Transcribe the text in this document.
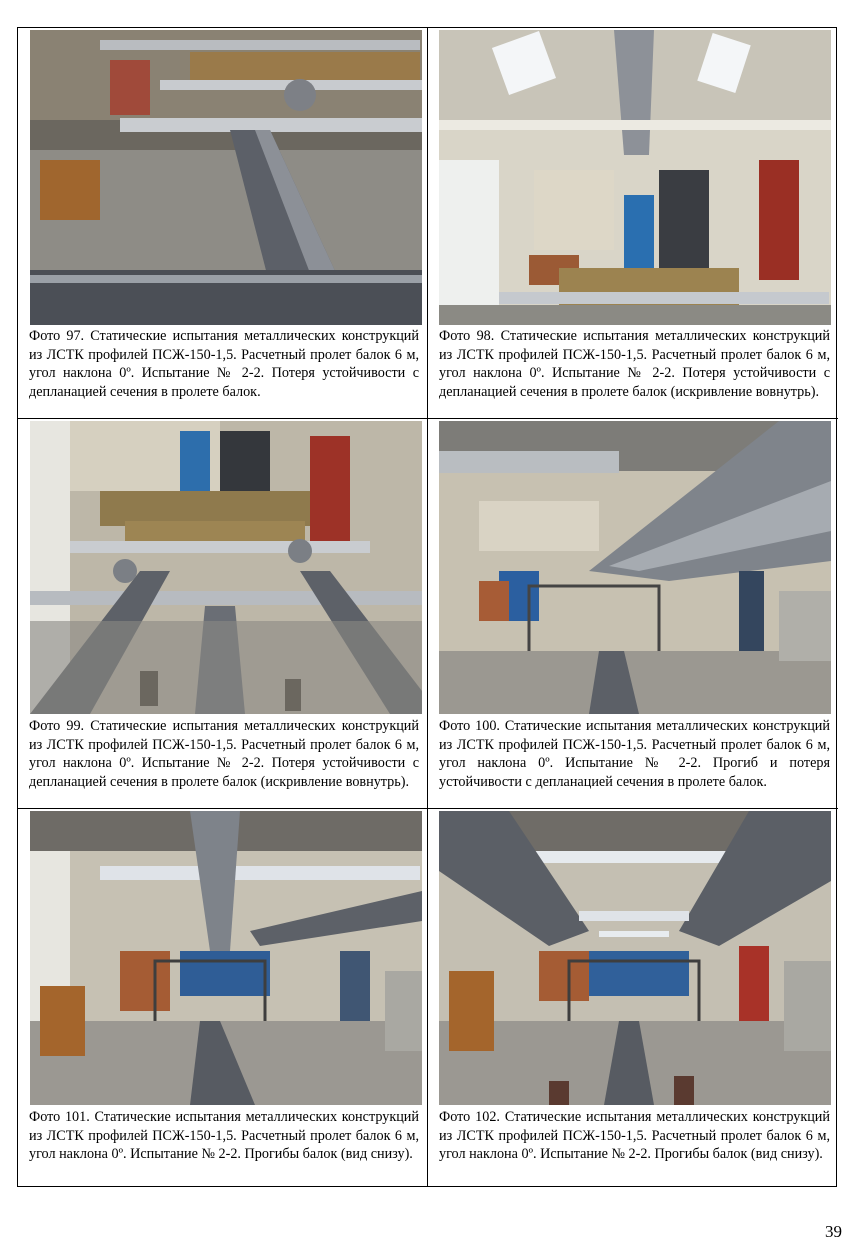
Фото 97. Статические испытания металлических конструкций из ЛСТК профилей ПСЖ-150-1,5. Расчетный пролет балок 6 м, угол наклона 0º. Испытание № 2-2. Потеря устойчивости с депланацией сечения в пролете балок.
Фото 98. Статические испытания металлических конструкций из ЛСТК профилей ПСЖ-150-1,5. Расчетный пролет балок 6 м, угол наклона 0º. Испытание № 2-2. Потеря устойчивости с депланацией сечения в пролете балок (искривление вовнутрь).
Фото 99. Статические испытания металлических конструкций из ЛСТК профилей ПСЖ-150-1,5. Расчетный пролет балок 6 м, угол наклона 0º. Испытание № 2-2. Потеря устойчивости с депланацией сечения в пролете балок (искривление вовнутрь).
Фото 100. Статические испытания металлических конструкций из ЛСТК профилей ПСЖ-150-1,5. Расчетный пролет балок 6 м, угол наклона 0º. Испытание № 2-2. Прогиб и потеря устойчивости с депланацией сечения в пролете балок.
Фото 101. Статические испытания металлических конструкций из ЛСТК профилей ПСЖ-150-1,5. Расчетный пролет балок 6 м, угол наклона 0º. Испытание № 2-2. Прогибы балок (вид снизу).
Фото 102. Статические испытания металлических конструкций из ЛСТК профилей ПСЖ-150-1,5. Расчетный пролет балок 6 м, угол наклона 0º. Испытание № 2-2. Прогибы балок (вид снизу).
39
